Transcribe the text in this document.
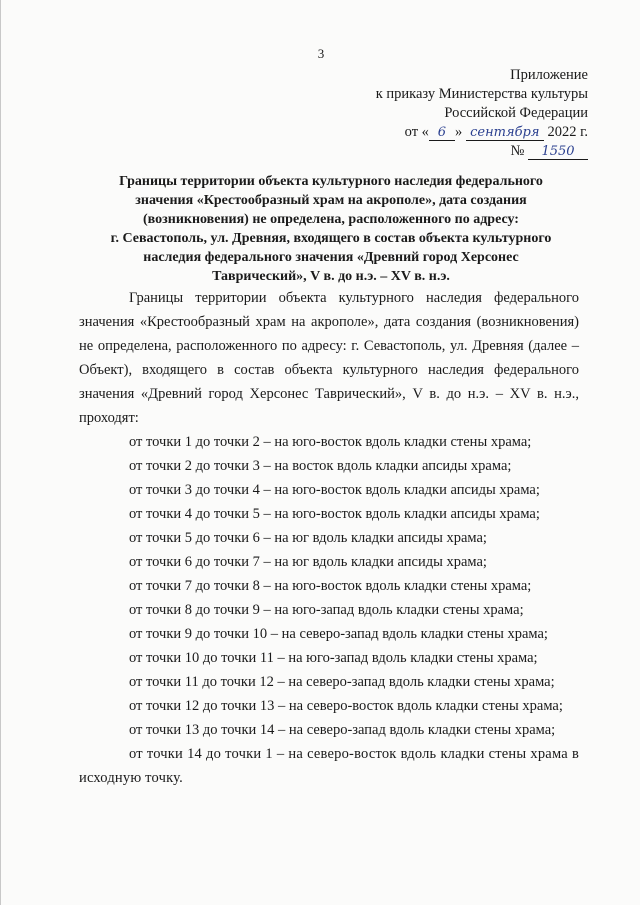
3
Приложение
к приказу Министерства культуры
Российской Федерации
от « 6 » сентября 2022 г.
№ 1550
Границы территории объекта культурного наследия федерального
значения «Крестообразный храм на акрополе», дата создания
(возникновения) не определена, расположенного по адресу:
г. Севастополь, ул. Древняя, входящего в состав объекта культурного
наследия федерального значения «Древний город Херсонес
Таврический», V в. до н.э. – XV в. н.э.

Границы территории объекта культурного наследия федерального значения «Крестообразный храм на акрополе», дата создания (возникновения) не определена, расположенного по адресу: г. Севастополь, ул. Древняя (далее – Объект), входящего в состав объекта культурного наследия федерального значения «Древний город Херсонес Таврический», V в. до н.э. – XV в. н.э., проходят:

от точки 1 до точки 2 – на юго-восток вдоль кладки стены храма;
от точки 2 до точки 3 – на восток вдоль кладки апсиды храма;
от точки 3 до точки 4 – на юго-восток вдоль кладки апсиды храма;
от точки 4 до точки 5 – на юго-восток вдоль кладки апсиды храма;
от точки 5 до точки 6 – на юг вдоль кладки апсиды храма;
от точки 6 до точки 7 – на юг вдоль кладки апсиды храма;
от точки 7 до точки 8 – на юго-восток вдоль кладки стены храма;
от точки 8 до точки 9 – на юго-запад вдоль кладки стены храма;
от точки 9 до точки 10 – на северо-запад вдоль кладки стены храма;
от точки 10 до точки 11 – на юго-запад вдоль кладки стены храма;
от точки 11 до точки 12 – на северо-запад вдоль кладки стены храма;
от точки 12 до точки 13 – на северо-восток вдоль кладки стены храма;
от точки 13 до точки 14 – на северо-запад вдоль кладки стены храма;

от точки 14 до точки 1 – на северо-восток вдоль кладки стены храма в исходную точку.
